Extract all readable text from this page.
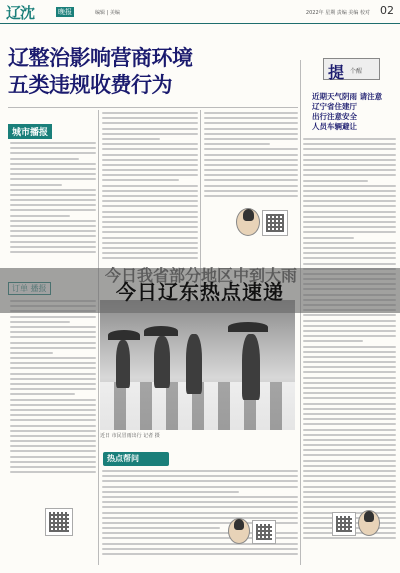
辽沈	晚报	编辑 | 美编	2022年 星期 责编 美编 校对 02
辽整治影响营商环境
五类违规收费行为	提 个醒
近期天气阴雨 请注意
辽宁省住建厅
出行注意安全
人员车辆避让
城市播报
近日 市民冒雨出行 记者 摄
热点帮问
今日我省部分地区中到大雨
今日辽东热点速递
